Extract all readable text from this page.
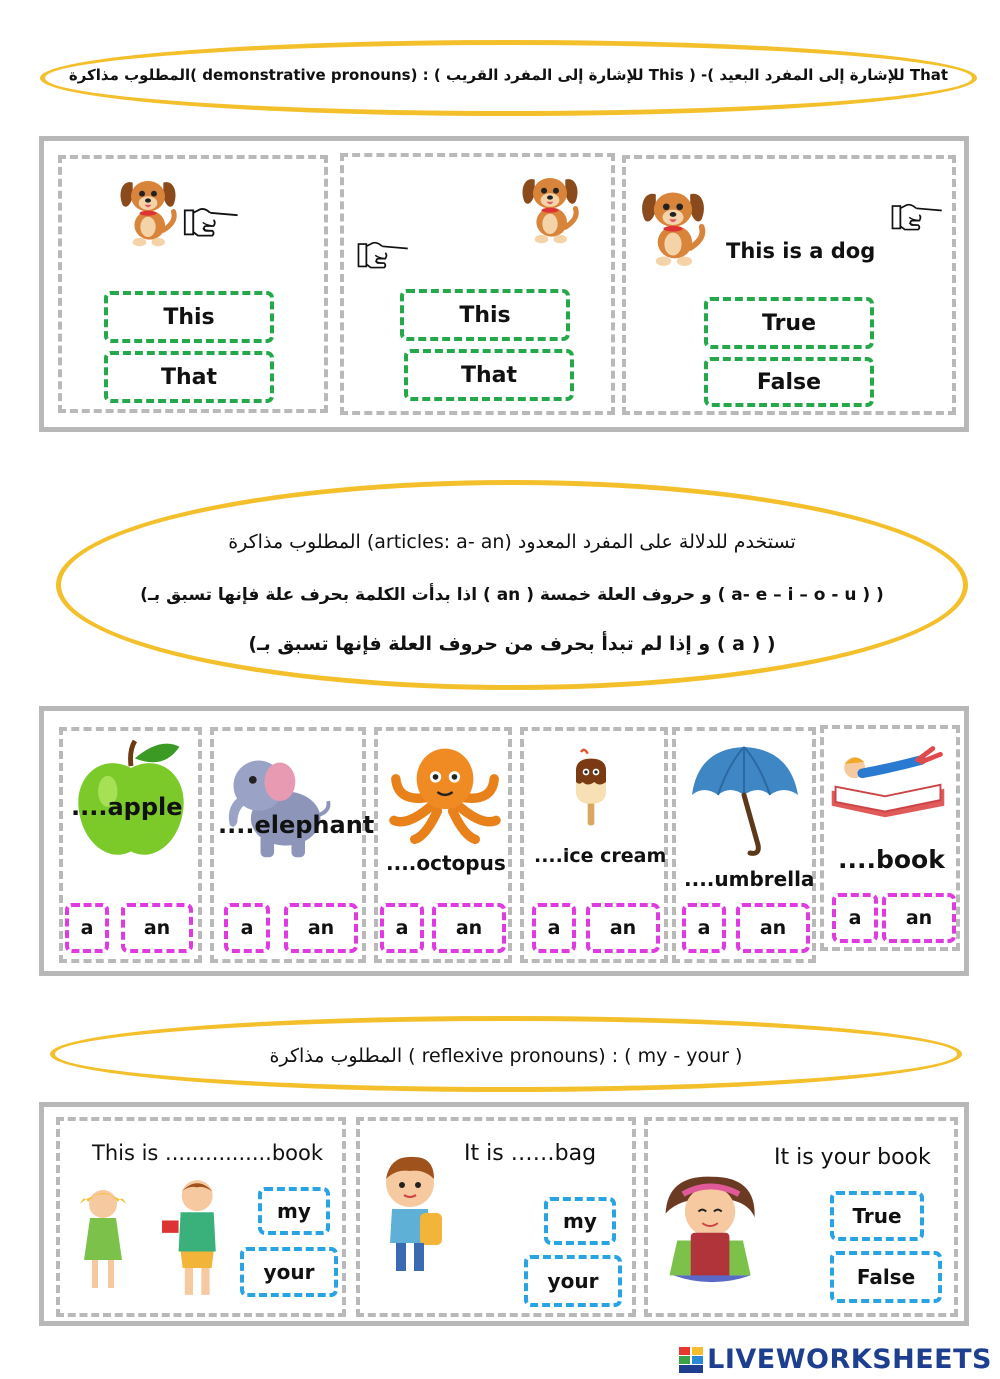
المطلوب مذاكرة( demonstrative pronouns) : ( للإشارة إلى المفرد القريب This ) -( للإشارة إلى المفرد البعيد That
This
That
This
That
This is a dog
True
False
المطلوب مذاكرة (articles: a- an) تستخدم للدلالة على المفرد المعدود
(اذا بدأت الكلمة بحرف علة فإنها تسبق بـ ( an ) و حروف العلة خمسة ( a- e – i – o - u ) )
(و إذا لم تبدأ بحرف من حروف العلة فإنها تسبق بـ ( a ) )
....apple
a	an
....elephant
a	an
....octopus
a	an
....ice cream
a	an
....umbrella
a	an
....book
a	an
المطلوب مذاكرة ( reflexive pronouns) : ( my - your )
This is ................book
my
your
It is ……bag
my
your
It is your book
True
False
LIVEWORKSHEETS
